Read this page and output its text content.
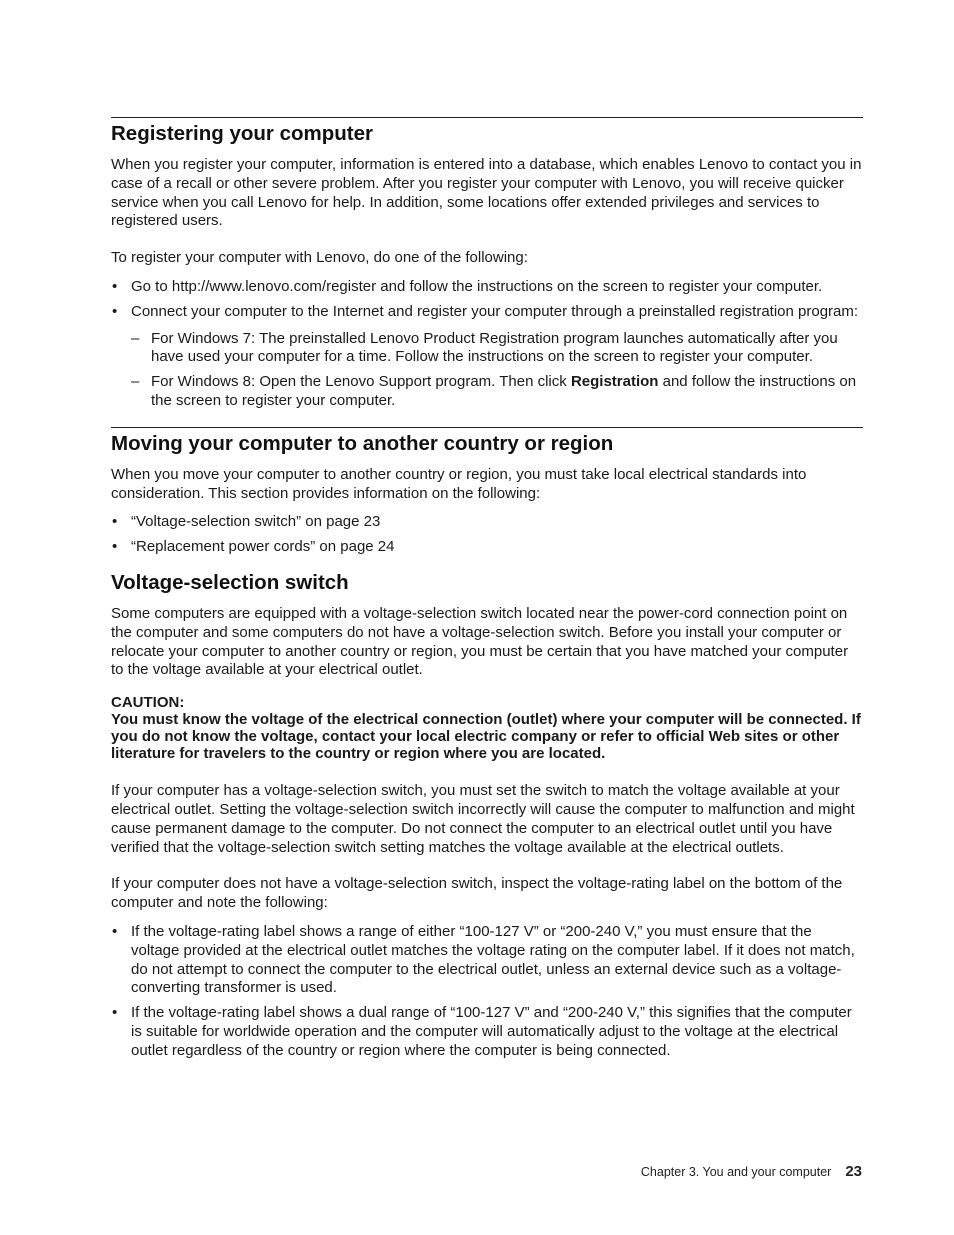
Registering your computer

When you register your computer, information is entered into a database, which enables Lenovo to contact you in case of a recall or other severe problem. After you register your computer with Lenovo, you will receive quicker service when you call Lenovo for help. In addition, some locations offer extended privileges and services to registered users.

To register your computer with Lenovo, do one of the following:

• Go to http://www.lenovo.com/register and follow the instructions on the screen to register your computer.
• Connect your computer to the Internet and register your computer through a preinstalled registration program:
– For Windows 7: The preinstalled Lenovo Product Registration program launches automatically after you have used your computer for a time. Follow the instructions on the screen to register your computer.
– For Windows 8: Open the Lenovo Support program. Then click Registration and follow the instructions on the screen to register your computer.
Moving your computer to another country or region

When you move your computer to another country or region, you must take local electrical standards into consideration. This section provides information on the following:

• “Voltage-selection switch” on page 23
• “Replacement power cords” on page 24
Voltage-selection switch

Some computers are equipped with a voltage-selection switch located near the power-cord connection point on the computer and some computers do not have a voltage-selection switch. Before you install your computer or relocate your computer to another country or region, you must be certain that you have matched your computer to the voltage available at your electrical outlet.

CAUTION:
You must know the voltage of the electrical connection (outlet) where your computer will be connected. If you do not know the voltage, contact your local electric company or refer to official Web sites or other literature for travelers to the country or region where you are located.

If your computer has a voltage-selection switch, you must set the switch to match the voltage available at your electrical outlet. Setting the voltage-selection switch incorrectly will cause the computer to malfunction and might cause permanent damage to the computer. Do not connect the computer to an electrical outlet until you have verified that the voltage-selection switch setting matches the voltage available at the electrical outlets.

If your computer does not have a voltage-selection switch, inspect the voltage-rating label on the bottom of the computer and note the following:

• If the voltage-rating label shows a range of either “100-127 V” or “200-240 V,” you must ensure that the voltage provided at the electrical outlet matches the voltage rating on the computer label. If it does not match, do not attempt to connect the computer to the electrical outlet, unless an external device such as a voltage-converting transformer is used.
• If the voltage-rating label shows a dual range of “100-127 V” and “200-240 V,” this signifies that the computer is suitable for worldwide operation and the computer will automatically adjust to the voltage at the electrical outlet regardless of the country or region where the computer is being connected.
Chapter 3. You and your computer 23
